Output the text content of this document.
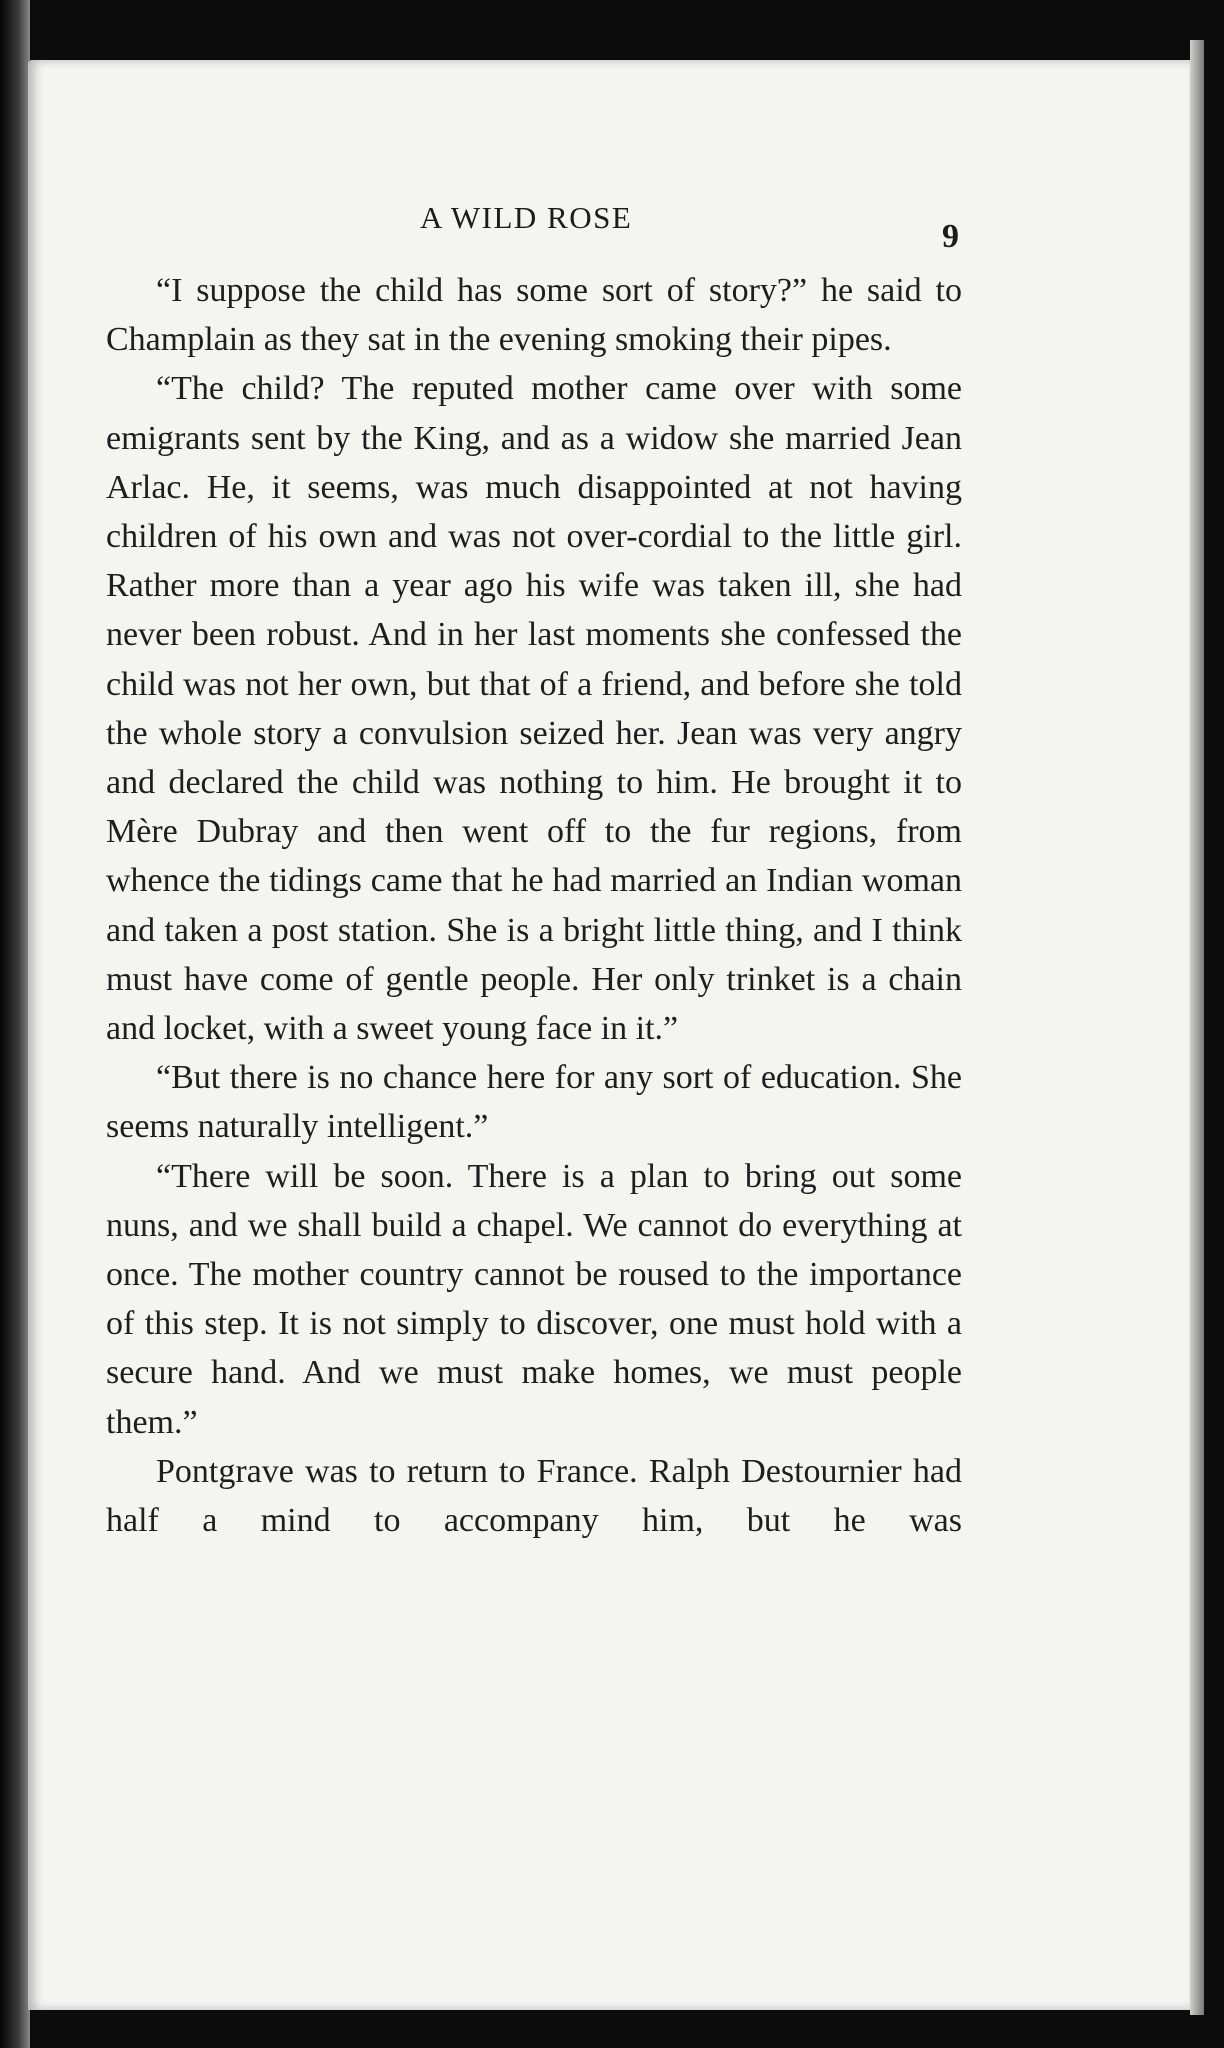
A WILD ROSE
9

“I suppose the child has some sort of story?” he said to Champlain as they sat in the evening smoking their pipes.

“The child? The reputed mother came over with some emigrants sent by the King, and as a widow she married Jean Arlac. He, it seems, was much disappointed at not having children of his own and was not over-cordial to the little girl. Rather more than a year ago his wife was taken ill, she had never been robust. And in her last moments she confessed the child was not her own, but that of a friend, and before she told the whole story a convulsion seized her. Jean was very angry and declared the child was nothing to him. He brought it to Mère Dubray and then went off to the fur regions, from whence the tidings came that he had married an Indian woman and taken a post station. She is a bright little thing, and I think must have come of gentle people. Her only trinket is a chain and locket, with a sweet young face in it.”

“But there is no chance here for any sort of education. She seems naturally intelligent.”

“There will be soon. There is a plan to bring out some nuns, and we shall build a chapel. We cannot do everything at once. The mother country cannot be roused to the importance of this step. It is not simply to discover, one must hold with a secure hand. And we must make homes, we must people them.”

Pontgrave was to return to France. Ralph Destournier had half a mind to accompany him, but he was
